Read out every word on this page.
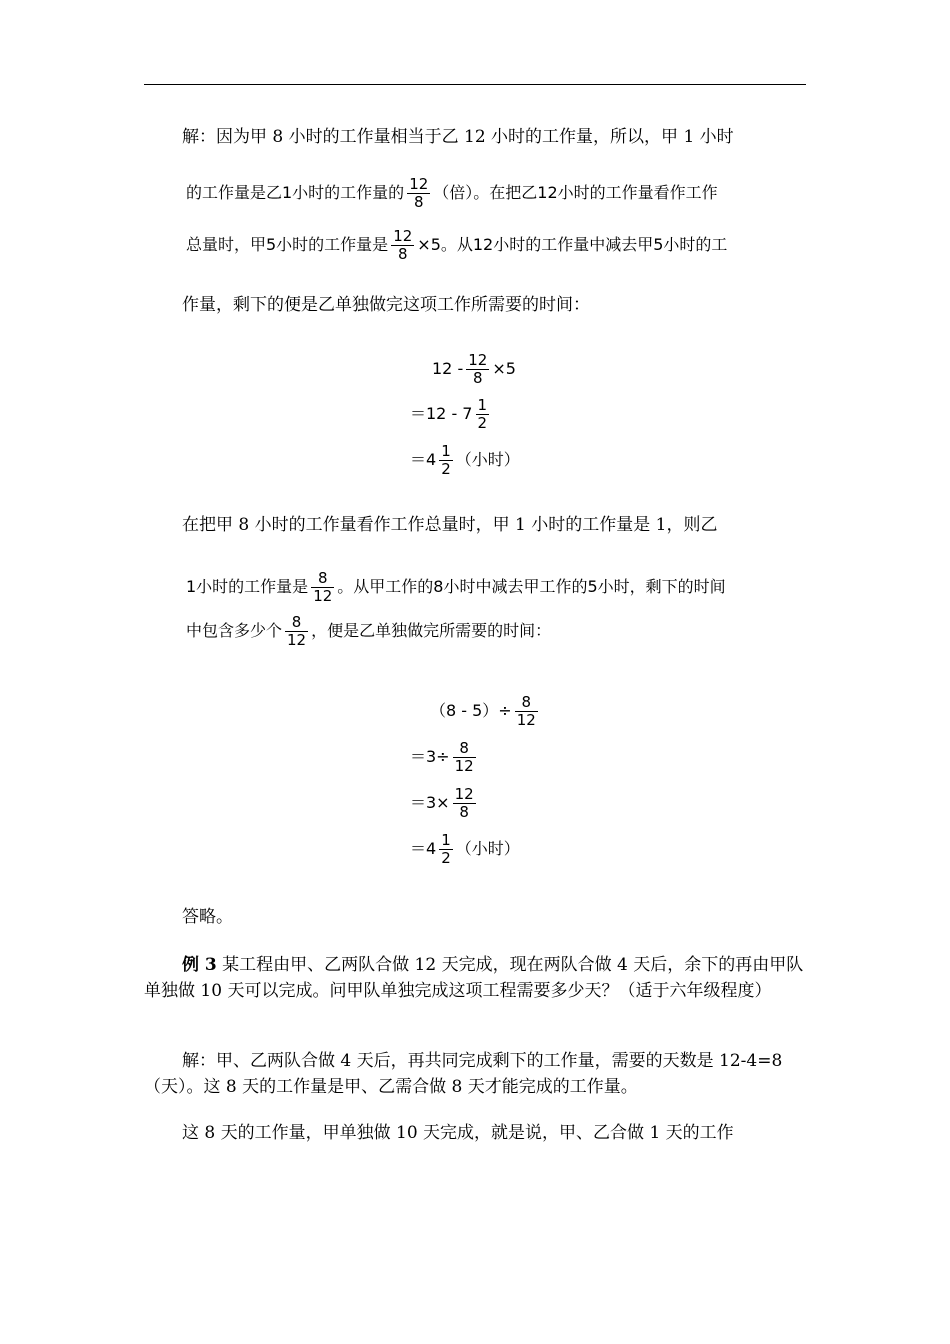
解：因为甲 8 小时的工作量相当于乙 12 小时的工作量，所以，甲 1 小时
的工作量是乙1小时的工作量的 $\frac{12}{8}$ （倍）。在把乙12小时的工作量看作工作
总量时，甲5小时的工作量是 $\frac{12}{8} \times 5$。从12小时的工作量中减去甲5小时的工
作量，剩下的便是乙单独做完这项工作所需要的时间：
$12 - \frac{12}{8} \times 5$
$=12 - 7 \frac{1}{2}$
$=4 \frac{1}{2}$ （小时）
在把甲 8 小时的工作量看作工作总量时，甲 1 小时的工作量是 1，则乙
1小时的工作量是 $\frac{8}{12}$ 。从甲工作的8小时中减去甲工作的5小时，剩下的时间
中包含多少个 $\frac{8}{12}$ ，便是乙单独做完所需要的时间：
$(8 - 5)\div \frac{8}{12}$
$=3\div \frac{8}{12}$
$=3\times \frac{12}{8}$
$=4 \frac{1}{2}$ （小时）
答略。
例 3 某工程由甲、乙两队合做 12 天完成，现在两队合做 4 天后，余下的再由甲队单独做 10 天可以完成。问甲队单独完成这项工程需要多少天？（适于六年级程度）
解：甲、乙两队合做 4 天后，再共同完成剩下的工作量，需要的天数是 12-4=8（天）。这 8 天的工作量是甲、乙需合做 8 天才能完成的工作量。
这 8 天的工作量，甲单独做 10 天完成，就是说，甲、乙合做 1 天的工作
